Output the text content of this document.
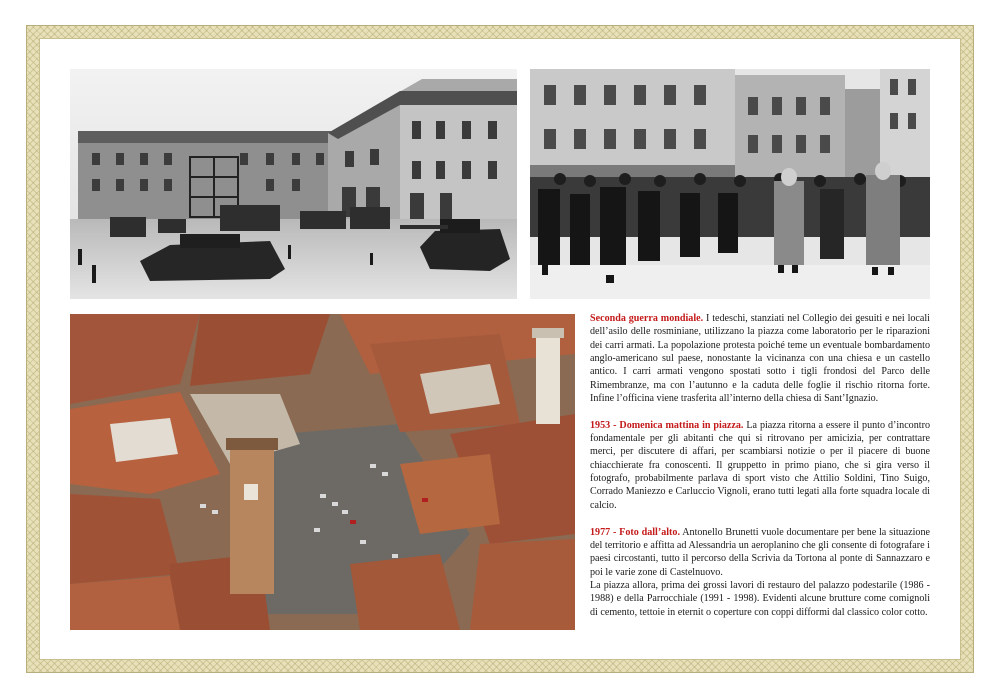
Seconda guerra mondiale. I tedeschi, stanziati nel Collegio dei gesuiti e nei locali dell’asilo delle rosminiane, utilizzano la piazza come laboratorio per le riparazioni dei carri armati. La popolazione protesta poiché teme un eventuale bombardamento anglo-americano sul paese, nonostante la vicinanza con una chiesa e un castello antico. I carri armati vengono spostati sotto i tigli frondosi del Parco delle Rimembranze, ma con l’autunno e la caduta delle foglie il rischio ritorna forte. Infine l’officina viene trasferita all’interno della chiesa di Sant’Ignazio.

1953 - Domenica mattina in piazza. La piazza ritorna a essere il punto d’incontro fondamentale per gli abitanti che qui si ritrovano per amicizia, per contrattare merci, per discutere di affari, per scambiarsi notizie o per il piacere di buone chiacchierate fra conoscenti. Il gruppetto in primo piano, che si gira verso il fotografo, probabilmente parlava di sport visto che Attilio Soldini, Tino Suigo, Corrado Maniezzo e Carluccio Vignoli, erano tutti legati alla forte squadra locale di calcio.

1977 - Foto dall’alto. Antonello Brunetti vuole documentare per bene la situazione del territorio e affitta ad Alessandria un aeroplanino che gli consente di fotografare i paesi circostanti, tutto il percorso della Scrivia da Tortona al ponte di Sannazzaro e poi le varie zone di Castelnuovo.

La piazza allora, prima dei grossi lavori di restauro del palazzo podestarile (1986 - 1988) e della Parrocchiale (1991 - 1998). Evidenti alcune brutture come comignoli di cemento, tettoie in eternit o coperture con coppi difformi dal classico color cotto.
